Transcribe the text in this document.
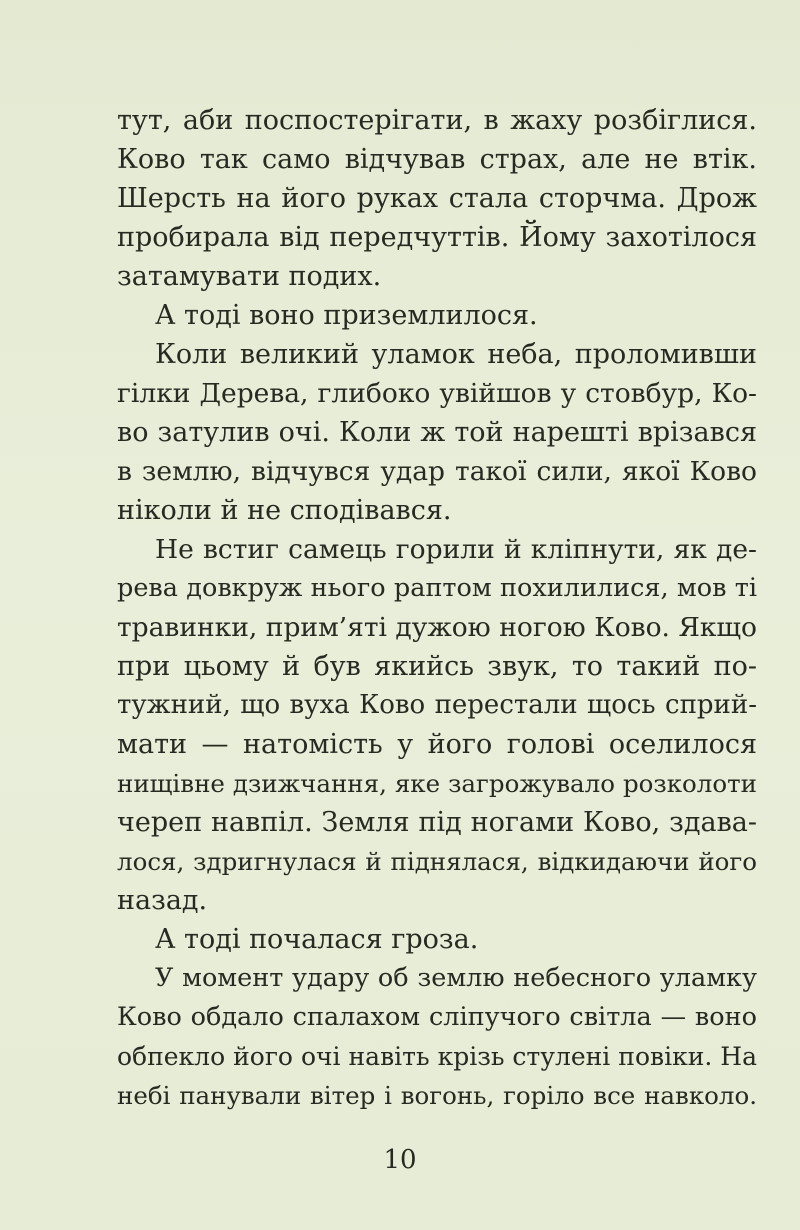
тут, аби поспостерігати, в жаху розбіглися.
Ково так само відчував страх, але не втік.
Шерсть на його руках стала сторчма. Дрож
пробирала від передчуттів. Йому захотілося
затамувати подих.
А тоді воно приземлилося.
Коли великий уламок неба, проломивши
гілки Дерева, глибоко увійшов у стовбур, Ко-
во затулив очі. Коли ж той нарешті врізався
в землю, відчувся удар такої сили, якої Ково
ніколи й не сподівався.
Не встиг самець горили й кліпнути, як де-
рева довкруж нього раптом похилилися, мов ті
травинки, прим’яті дужою ногою Ково. Якщо
при цьому й був якийсь звук, то такий по-
тужний, що вуха Ково перестали щось сприй-
мати — натомість у його голові оселилося
нищівне дзижчання, яке загрожувало розколоти
череп навпіл. Земля під ногами Ково, здава-
лося, здригнулася й піднялася, відкидаючи його
назад.
А тоді почалася гроза.
У момент удару об землю небесного уламку
Ково обдало спалахом сліпучого світла — воно
обпекло його очі навіть крізь стулені повіки. На
небі панували вітер і вогонь, горіло все навколо.
10
